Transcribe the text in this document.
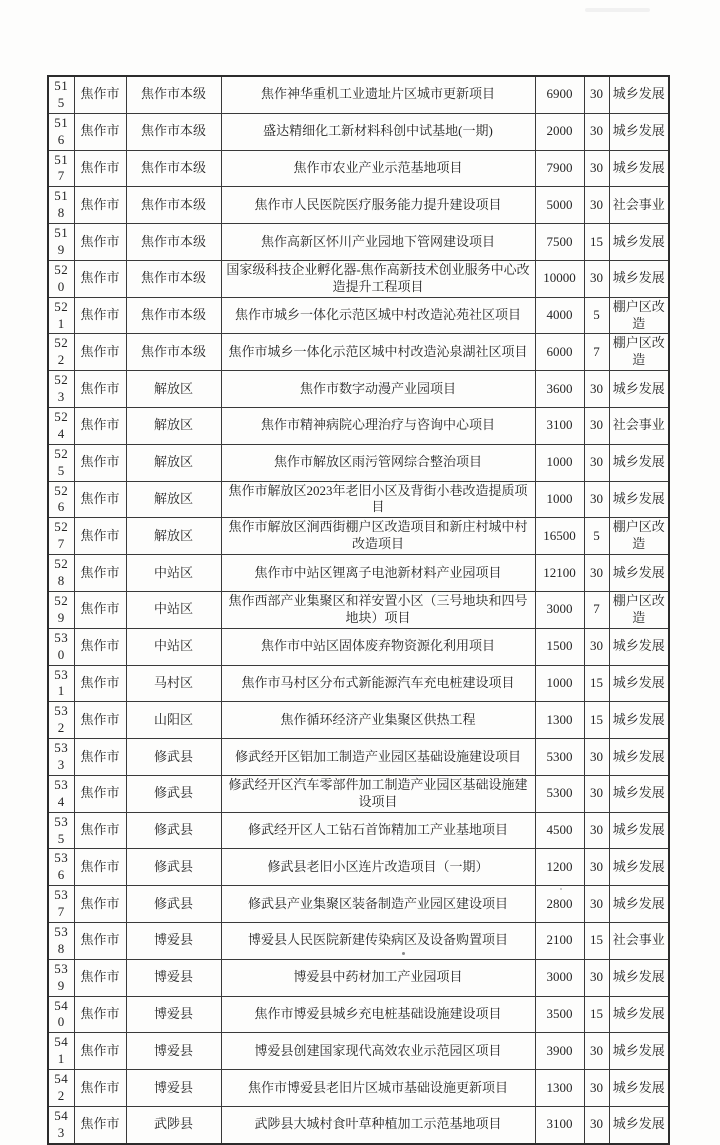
515	焦作市	焦作市本级	焦作神华重机工业遗址片区城市更新项目	6900	30	城乡发展
516	焦作市	焦作市本级	盛达精细化工新材料科创中试基地(一期)	2000	30	城乡发展
517	焦作市	焦作市本级	焦作市农业产业示范基地项目	7900	30	城乡发展
518	焦作市	焦作市本级	焦作市人民医院医疗服务能力提升建设项目	5000	30	社会事业
519	焦作市	焦作市本级	焦作高新区怀川产业园地下管网建设项目	7500	15	城乡发展
520	焦作市	焦作市本级	国家级科技企业孵化器-焦作高新技术创业服务中心改造提升工程项目	10000	30	城乡发展
521	焦作市	焦作市本级	焦作市城乡一体化示范区城中村改造沁苑社区项目	4000	5	棚户区改造
522	焦作市	焦作市本级	焦作市城乡一体化示范区城中村改造沁泉湖社区项目	6000	7	棚户区改造
523	焦作市	解放区	焦作市数字动漫产业园项目	3600	30	城乡发展
524	焦作市	解放区	焦作市精神病院心理治疗与咨询中心项目	3100	30	社会事业
525	焦作市	解放区	焦作市解放区雨污管网综合整治项目	1000	30	城乡发展
526	焦作市	解放区	焦作市解放区2023年老旧小区及背街小巷改造提质项目	1000	30	城乡发展
527	焦作市	解放区	焦作市解放区涧西街棚户区改造项目和新庄村城中村改造项目	16500	5	棚户区改造
528	焦作市	中站区	焦作市中站区锂离子电池新材料产业园项目	12100	30	城乡发展
529	焦作市	中站区	焦作西部产业集聚区和祥安置小区（三号地块和四号地块）项目	3000	7	棚户区改造
530	焦作市	中站区	焦作市中站区固体废弃物资源化利用项目	1500	30	城乡发展
531	焦作市	马村区	焦作市马村区分布式新能源汽车充电桩建设项目	1000	15	城乡发展
532	焦作市	山阳区	焦作循环经济产业集聚区供热工程	1300	15	城乡发展
533	焦作市	修武县	修武经开区铝加工制造产业园区基础设施建设项目	5300	30	城乡发展
534	焦作市	修武县	修武经开区汽车零部件加工制造产业园区基础设施建设项目	5300	30	城乡发展
535	焦作市	修武县	修武经开区人工钻石首饰精加工产业基地项目	4500	30	城乡发展
536	焦作市	修武县	修武县老旧小区连片改造项目（一期）	1200	30	城乡发展
537	焦作市	修武县	修武县产业集聚区装备制造产业园区建设项目	2800	30	城乡发展
538	焦作市	博爱县	博爱县人民医院新建传染病区及设备购置项目	2100	15	社会事业
539	焦作市	博爱县	博爱县中药材加工产业园项目	3000	30	城乡发展
540	焦作市	博爱县	焦作市博爱县城乡充电桩基础设施建设项目	3500	15	城乡发展
541	焦作市	博爱县	博爱县创建国家现代高效农业示范园区项目	3900	30	城乡发展
542	焦作市	博爱县	焦作市博爱县老旧片区城市基础设施更新项目	1300	30	城乡发展
543	焦作市	武陟县	武陟县大城村食叶草种植加工示范基地项目	3100	30	城乡发展
